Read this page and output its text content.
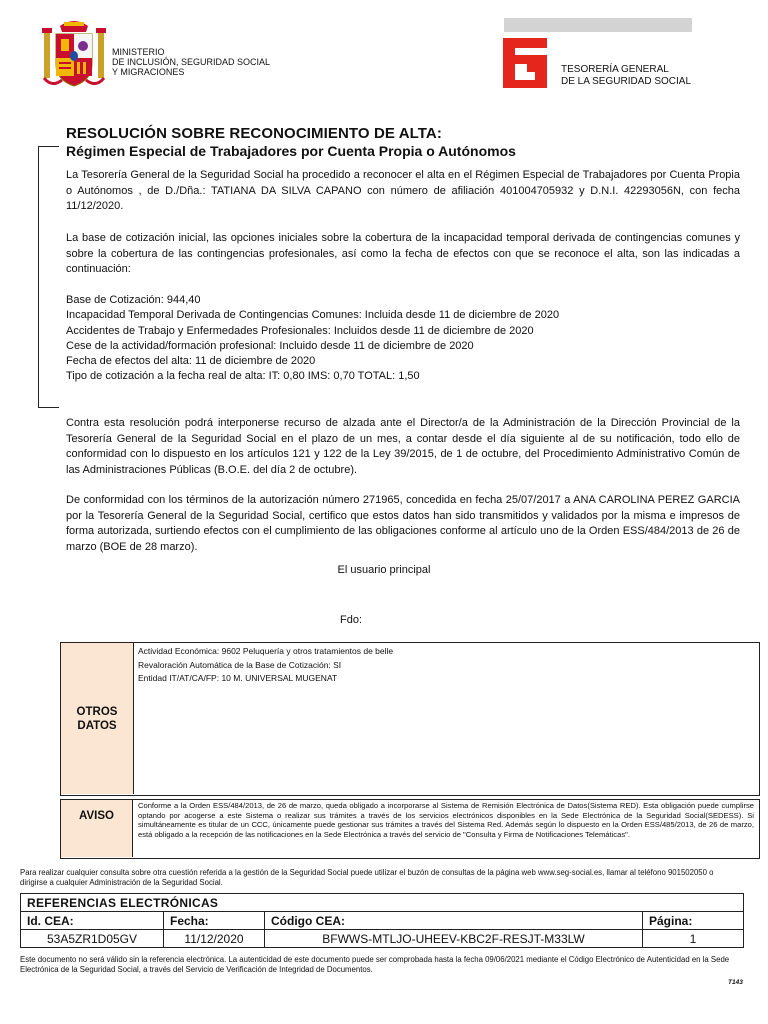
MINISTERIO
DE INCLUSIÓN, SEGURIDAD SOCIAL
Y MIGRACIONES	TESORERÍA GENERAL
DE LA SEGURIDAD SOCIAL
RESOLUCIÓN SOBRE RECONOCIMIENTO DE ALTA:
Régimen Especial de Trabajadores por Cuenta Propia o Autónomos
La Tesorería General de la Seguridad Social ha procedido a reconocer el alta en el Régimen Especial de Trabajadores por Cuenta Propia o Autónomos , de D./Dña.: TATIANA DA SILVA CAPANO con número de afiliación 401004705932 y D.N.I. 42293056N, con fecha 11/12/2020.
La base de cotización inicial, las opciones iniciales sobre la cobertura de la incapacidad temporal derivada de contingencias comunes y sobre la cobertura de las contingencias profesionales, así como la fecha de efectos con que se reconoce el alta, son las indicadas a continuación:
Base de Cotización: 944,40
Incapacidad Temporal Derivada de Contingencias Comunes: Incluida desde 11 de diciembre de 2020
Accidentes de Trabajo y Enfermedades Profesionales: Incluidos desde 11 de diciembre de 2020
Cese de la actividad/formación profesional: Incluido desde 11 de diciembre de 2020
Fecha de efectos del alta: 11 de diciembre de 2020
Tipo de cotización a la fecha real de alta: IT: 0,80 IMS: 0,70 TOTAL: 1,50
Contra esta resolución podrá interponerse recurso de alzada ante el Director/a de la Administración de la Dirección Provincial de la Tesorería General de la Seguridad Social en el plazo de un mes, a contar desde el día siguiente al de su notificación, todo ello de conformidad con lo dispuesto en los artículos 121 y 122 de la Ley 39/2015, de 1 de octubre, del Procedimiento Administrativo Común de las Administraciones Públicas (B.O.E. del día 2 de octubre).
De conformidad con los términos de la autorización número 271965, concedida en fecha 25/07/2017 a ANA CAROLINA PEREZ GARCIA por la Tesorería General de la Seguridad Social, certifico que estos datos han sido transmitidos y validados por la misma e impresos de forma autorizada, surtiendo efectos con el cumplimiento de las obligaciones conforme al artículo uno de la Orden ESS/484/2013 de 26 de marzo (BOE de 28 marzo).
El usuario principal
Fdo:
OTROS
DATOS
Actividad Económica: 9602 Peluquería y otros tratamientos de belle
Revaloración Automática de la Base de Cotización: SI
Entidad IT/AT/CA/FP: 10 M. UNIVERSAL MUGENAT
AVISO
Conforme a la Orden ESS/484/2013, de 26 de marzo, queda obligado a incorporarse al Sistema de Remisión Electrónica de Datos(Sistema RED). Esta obligación puede cumplirse optando por acogerse a este Sistema o realizar sus trámites a través de los servicios electrónicos disponibles en la Sede Electrónica de la Seguridad Social(SEDESS). Si simultáneamente es titular de un CCC, únicamente puede gestionar sus trámites a través del Sistema Red. Además según lo dispuesto en la Orden ESS/485/2013, de 26 de marzo, está obligado a la recepción de las notificaciones en la Sede Electrónica a través del servicio de "Consulta y Firma de Notificaciones Telemáticas".
Para realizar cualquier consulta sobre otra cuestión referida a la gestión de la Seguridad Social puede utilizar el buzón de consultas de la página web www.seg-social.es, llamar al teléfono 901502050 o dirigirse a cualquier Administración de la Seguridad Social.
REFERENCIAS ELECTRÓNICAS			
Id. CEA:	Fecha:	Código CEA:	Página:
53A5ZR1D05GV	11/12/2020	BFWWS-MTLJO-UHEEV-KBC2F-RESJT-M33LW	1
Este documento no será válido sin la referencia electrónica. La autenticidad de este documento puede ser comprobada hasta la fecha 09/06/2021 mediante el Código Electrónico de Autenticidad en la Sede Electrónica de la Seguridad Social, a través del Servicio de Verificación de Integridad de Documentos.
T143
